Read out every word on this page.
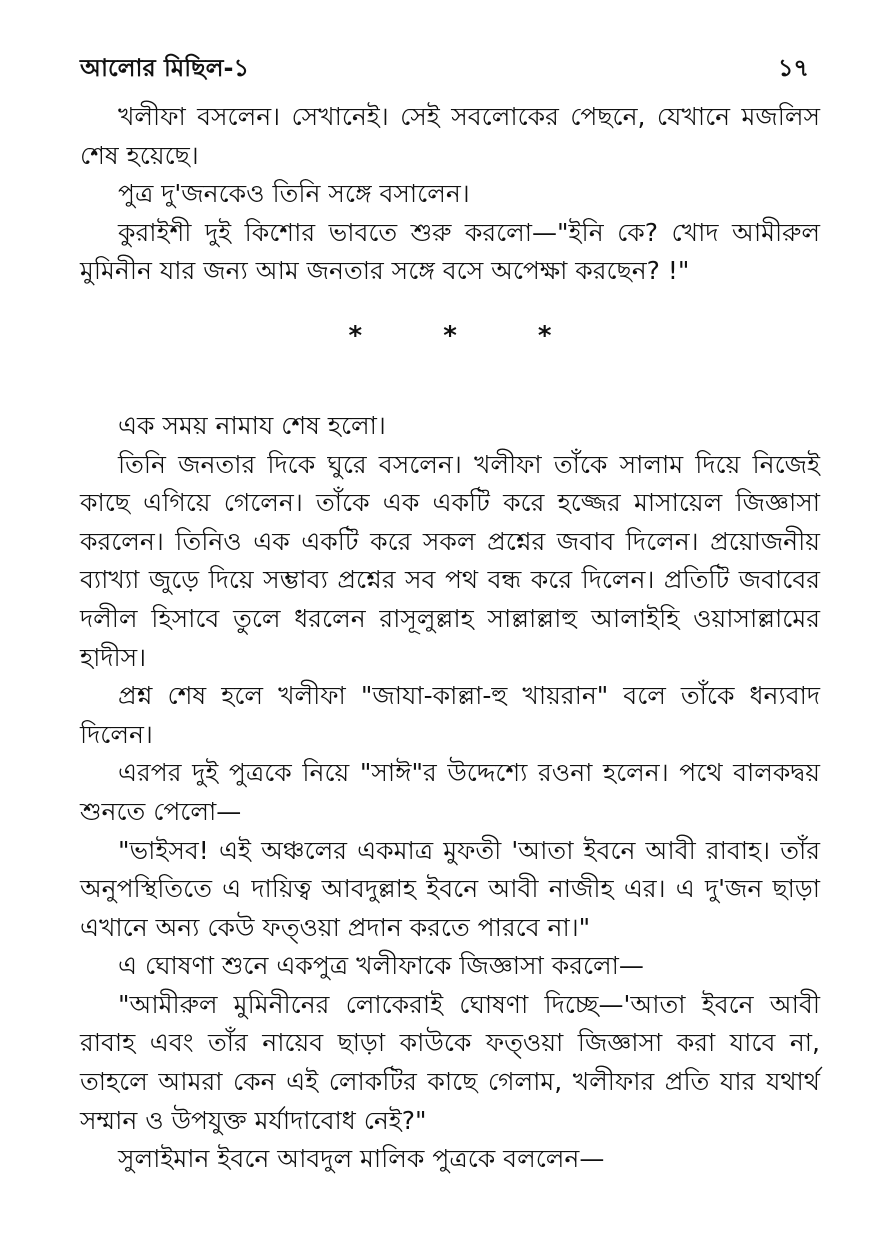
আলোর মিছিল-১	১৭

খলীফা বসলেন। সেখানেই। সেই সবলোকের পেছনে, যেখানে মজলিস শেষ হয়েছে।

পুত্র দু'জনকেও তিনি সঙ্গে বসালেন।

কুরাইশী দুই কিশোর ভাবতে শুরু করলো—"ইনি কে? খোদ আমীরুল মুমিনীন যার জন্য আম জনতার সঙ্গে বসে অপেক্ষা করছেন? !"

* * *

এক সময় নামায শেষ হলো।

তিনি জনতার দিকে ঘুরে বসলেন। খলীফা তাঁকে সালাম দিয়ে নিজেই কাছে এগিয়ে গেলেন। তাঁকে এক একটি করে হজ্জের মাসায়েল জিজ্ঞাসা করলেন। তিনিও এক একটি করে সকল প্রশ্নের জবাব দিলেন। প্রয়োজনীয় ব্যাখ্যা জুড়ে দিয়ে সম্ভাব্য প্রশ্নের সব পথ বন্ধ করে দিলেন। প্রতিটি জবাবের দলীল হিসাবে তুলে ধরলেন রাসূলুল্লাহ সাল্লাল্লাহু আলাইহি ওয়াসাল্লামের হাদীস।

প্রশ্ন শেষ হলে খলীফা "জাযা-কাল্লা-হু খায়রান" বলে তাঁকে ধন্যবাদ দিলেন।

এরপর দুই পুত্রকে নিয়ে "সাঈ"র উদ্দেশ্যে রওনা হলেন। পথে বালকদ্বয় শুনতে পেলো—

"ভাইসব! এই অঞ্চলের একমাত্র মুফতী 'আতা ইবনে আবী রাবাহ। তাঁর অনুপস্থিতিতে এ দায়িত্ব আবদুল্লাহ ইবনে আবী নাজীহ এর। এ দু'জন ছাড়া এখানে অন্য কেউ ফত্ওয়া প্রদান করতে পারবে না।"

এ ঘোষণা শুনে একপুত্র খলীফাকে জিজ্ঞাসা করলো—

"আমীরুল মুমিনীনের লোকেরাই ঘোষণা দিচ্ছে—'আতা ইবনে আবী রাবাহ এবং তাঁর নায়েব ছাড়া কাউকে ফত্ওয়া জিজ্ঞাসা করা যাবে না, তাহলে আমরা কেন এই লোকটির কাছে গেলাম, খলীফার প্রতি যার যথার্থ সম্মান ও উপযুক্ত মর্যাদাবোধ নেই?"

সুলাইমান ইবনে আবদুল মালিক পুত্রকে বললেন—
